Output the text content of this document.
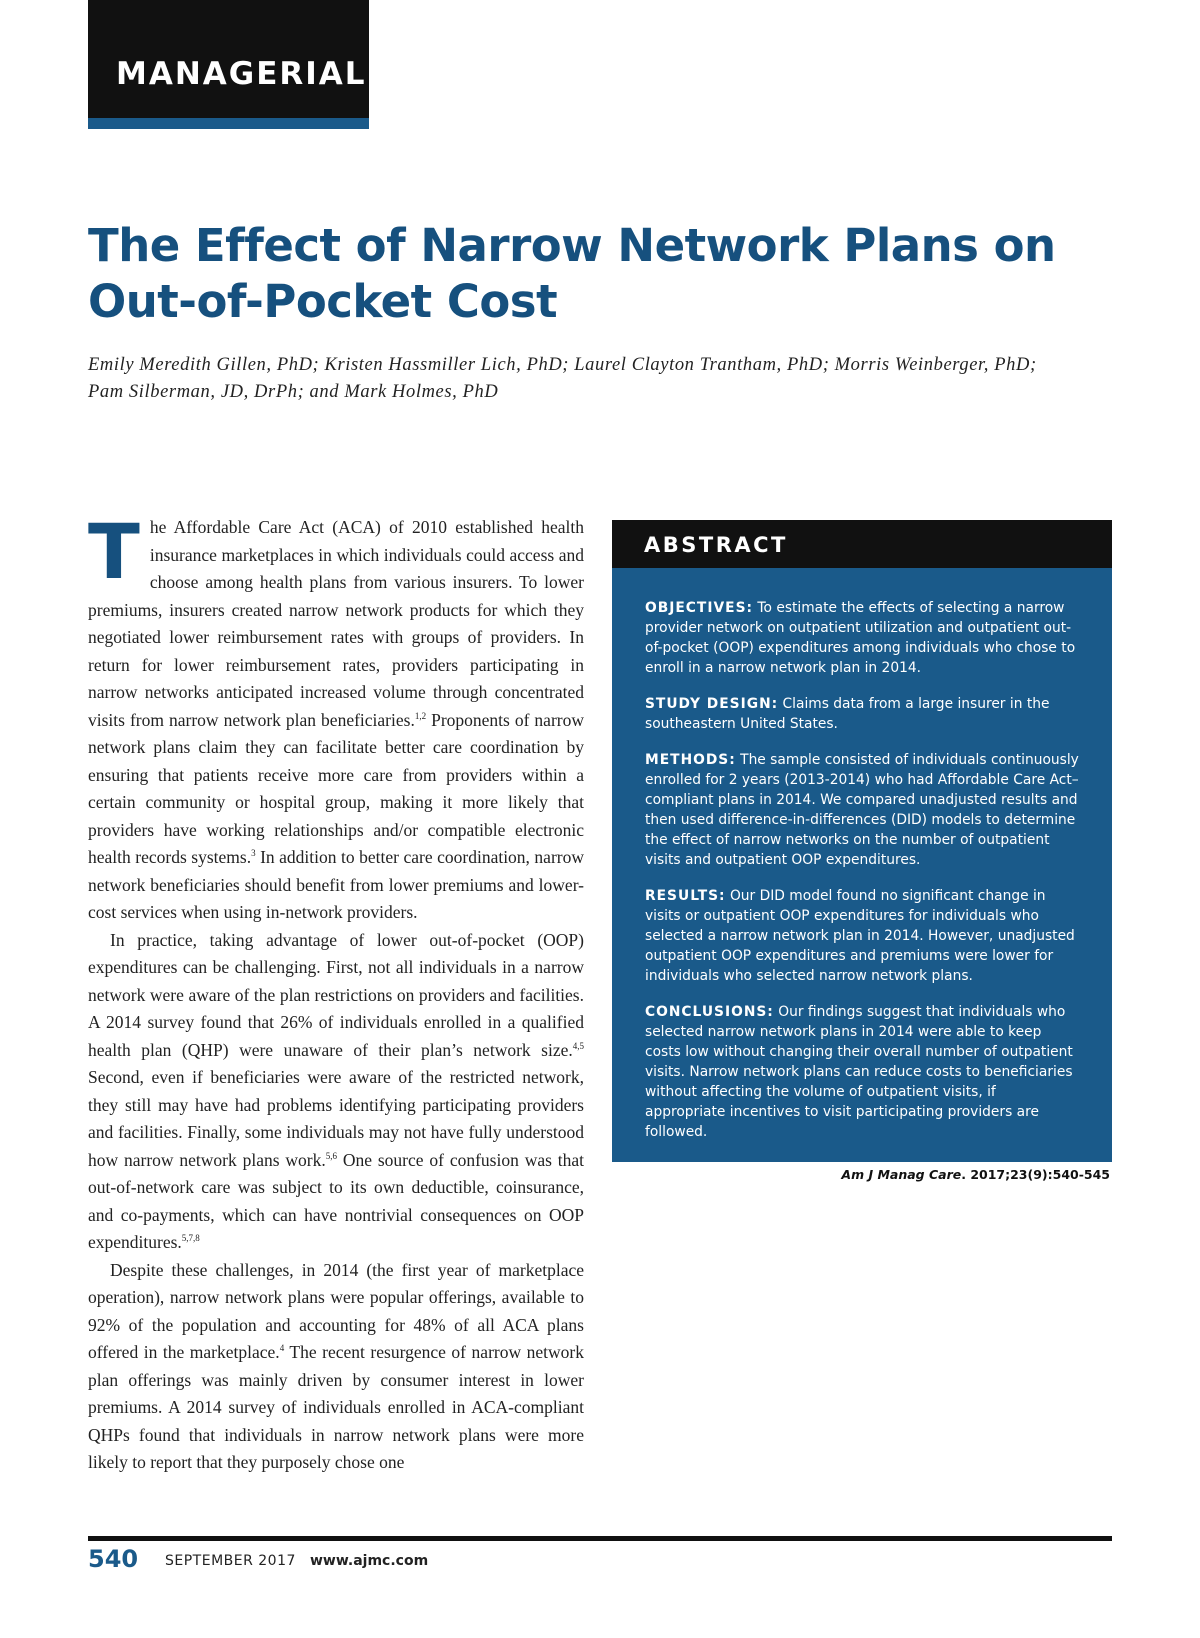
MANAGERIAL
The Effect of Narrow Network Plans on
Out-of-Pocket Cost

Emily Meredith Gillen, PhD; Kristen Hassmiller Lich, PhD; Laurel Clayton Trantham, PhD; Morris Weinberger, PhD;
Pam Silberman, JD, DrPh; and Mark Holmes, PhD

The Affordable Care Act (ACA) of 2010 established health insurance marketplaces in which individuals could access and choose among health plans from various insurers. To lower premiums, insurers created narrow network products for which they negotiated lower reimbursement rates with groups of providers. In return for lower reimbursement rates, providers participating in narrow networks anticipated increased volume through concentrated visits from narrow network plan beneficiaries.$^{1,2}$ Proponents of narrow network plans claim they can facilitate better care coordination by ensuring that patients receive more care from providers within a certain community or hospital group, making it more likely that providers have working relationships and/or compatible electronic health records systems.$^3$ In addition to better care coordination, narrow network beneficiaries should benefit from lower premiums and lower-cost services when using in-network providers.

In practice, taking advantage of lower out-of-pocket (OOP) expenditures can be challenging. First, not all individuals in a narrow network were aware of the plan restrictions on providers and facilities. A 2014 survey found that 26% of individuals enrolled in a qualified health plan (QHP) were unaware of their plan’s network size.$^{4,5}$ Second, even if beneficiaries were aware of the restricted network, they still may have had problems identifying participating providers and facilities. Finally, some individuals may not have fully understood how narrow network plans work.$^{5,6}$ One source of confusion was that out-of-network care was subject to its own deductible, coinsurance, and co-payments, which can have nontrivial consequences on OOP expenditures.$^{5,7,8}$

Despite these challenges, in 2014 (the first year of marketplace operation), narrow network plans were popular offerings, available to 92% of the population and accounting for 48% of all ACA plans offered in the marketplace.$^4$ The recent resurgence of narrow network plan offerings was mainly driven by consumer interest in lower premiums. A 2014 survey of individuals enrolled in ACA-compliant QHPs found that individuals in narrow network plans were more likely to report that they purposely chose one

ABSTRACT

OBJECTIVES: To estimate the effects of selecting a narrow provider network on outpatient utilization and outpatient out-of-pocket (OOP) expenditures among individuals who chose to enroll in a narrow network plan in 2014.

STUDY DESIGN: Claims data from a large insurer in the southeastern United States.

METHODS: The sample consisted of individuals continuously enrolled for 2 years (2013-2014) who had Affordable Care Act–compliant plans in 2014. We compared unadjusted results and then used difference-in-differences (DID) models to determine the effect of narrow networks on the number of outpatient visits and outpatient OOP expenditures.

RESULTS: Our DID model found no significant change in visits or outpatient OOP expenditures for individuals who selected a narrow network plan in 2014. However, unadjusted outpatient OOP expenditures and premiums were lower for individuals who selected narrow network plans.

CONCLUSIONS: Our findings suggest that individuals who selected narrow network plans in 2014 were able to keep costs low without changing their overall number of outpatient visits. Narrow network plans can reduce costs to beneficiaries without affecting the volume of outpatient visits, if appropriate incentives to visit participating providers are followed.

Am J Manag Care. 2017;23(9):540-545
540 SEPTEMBER 2017 www.ajmc.com
